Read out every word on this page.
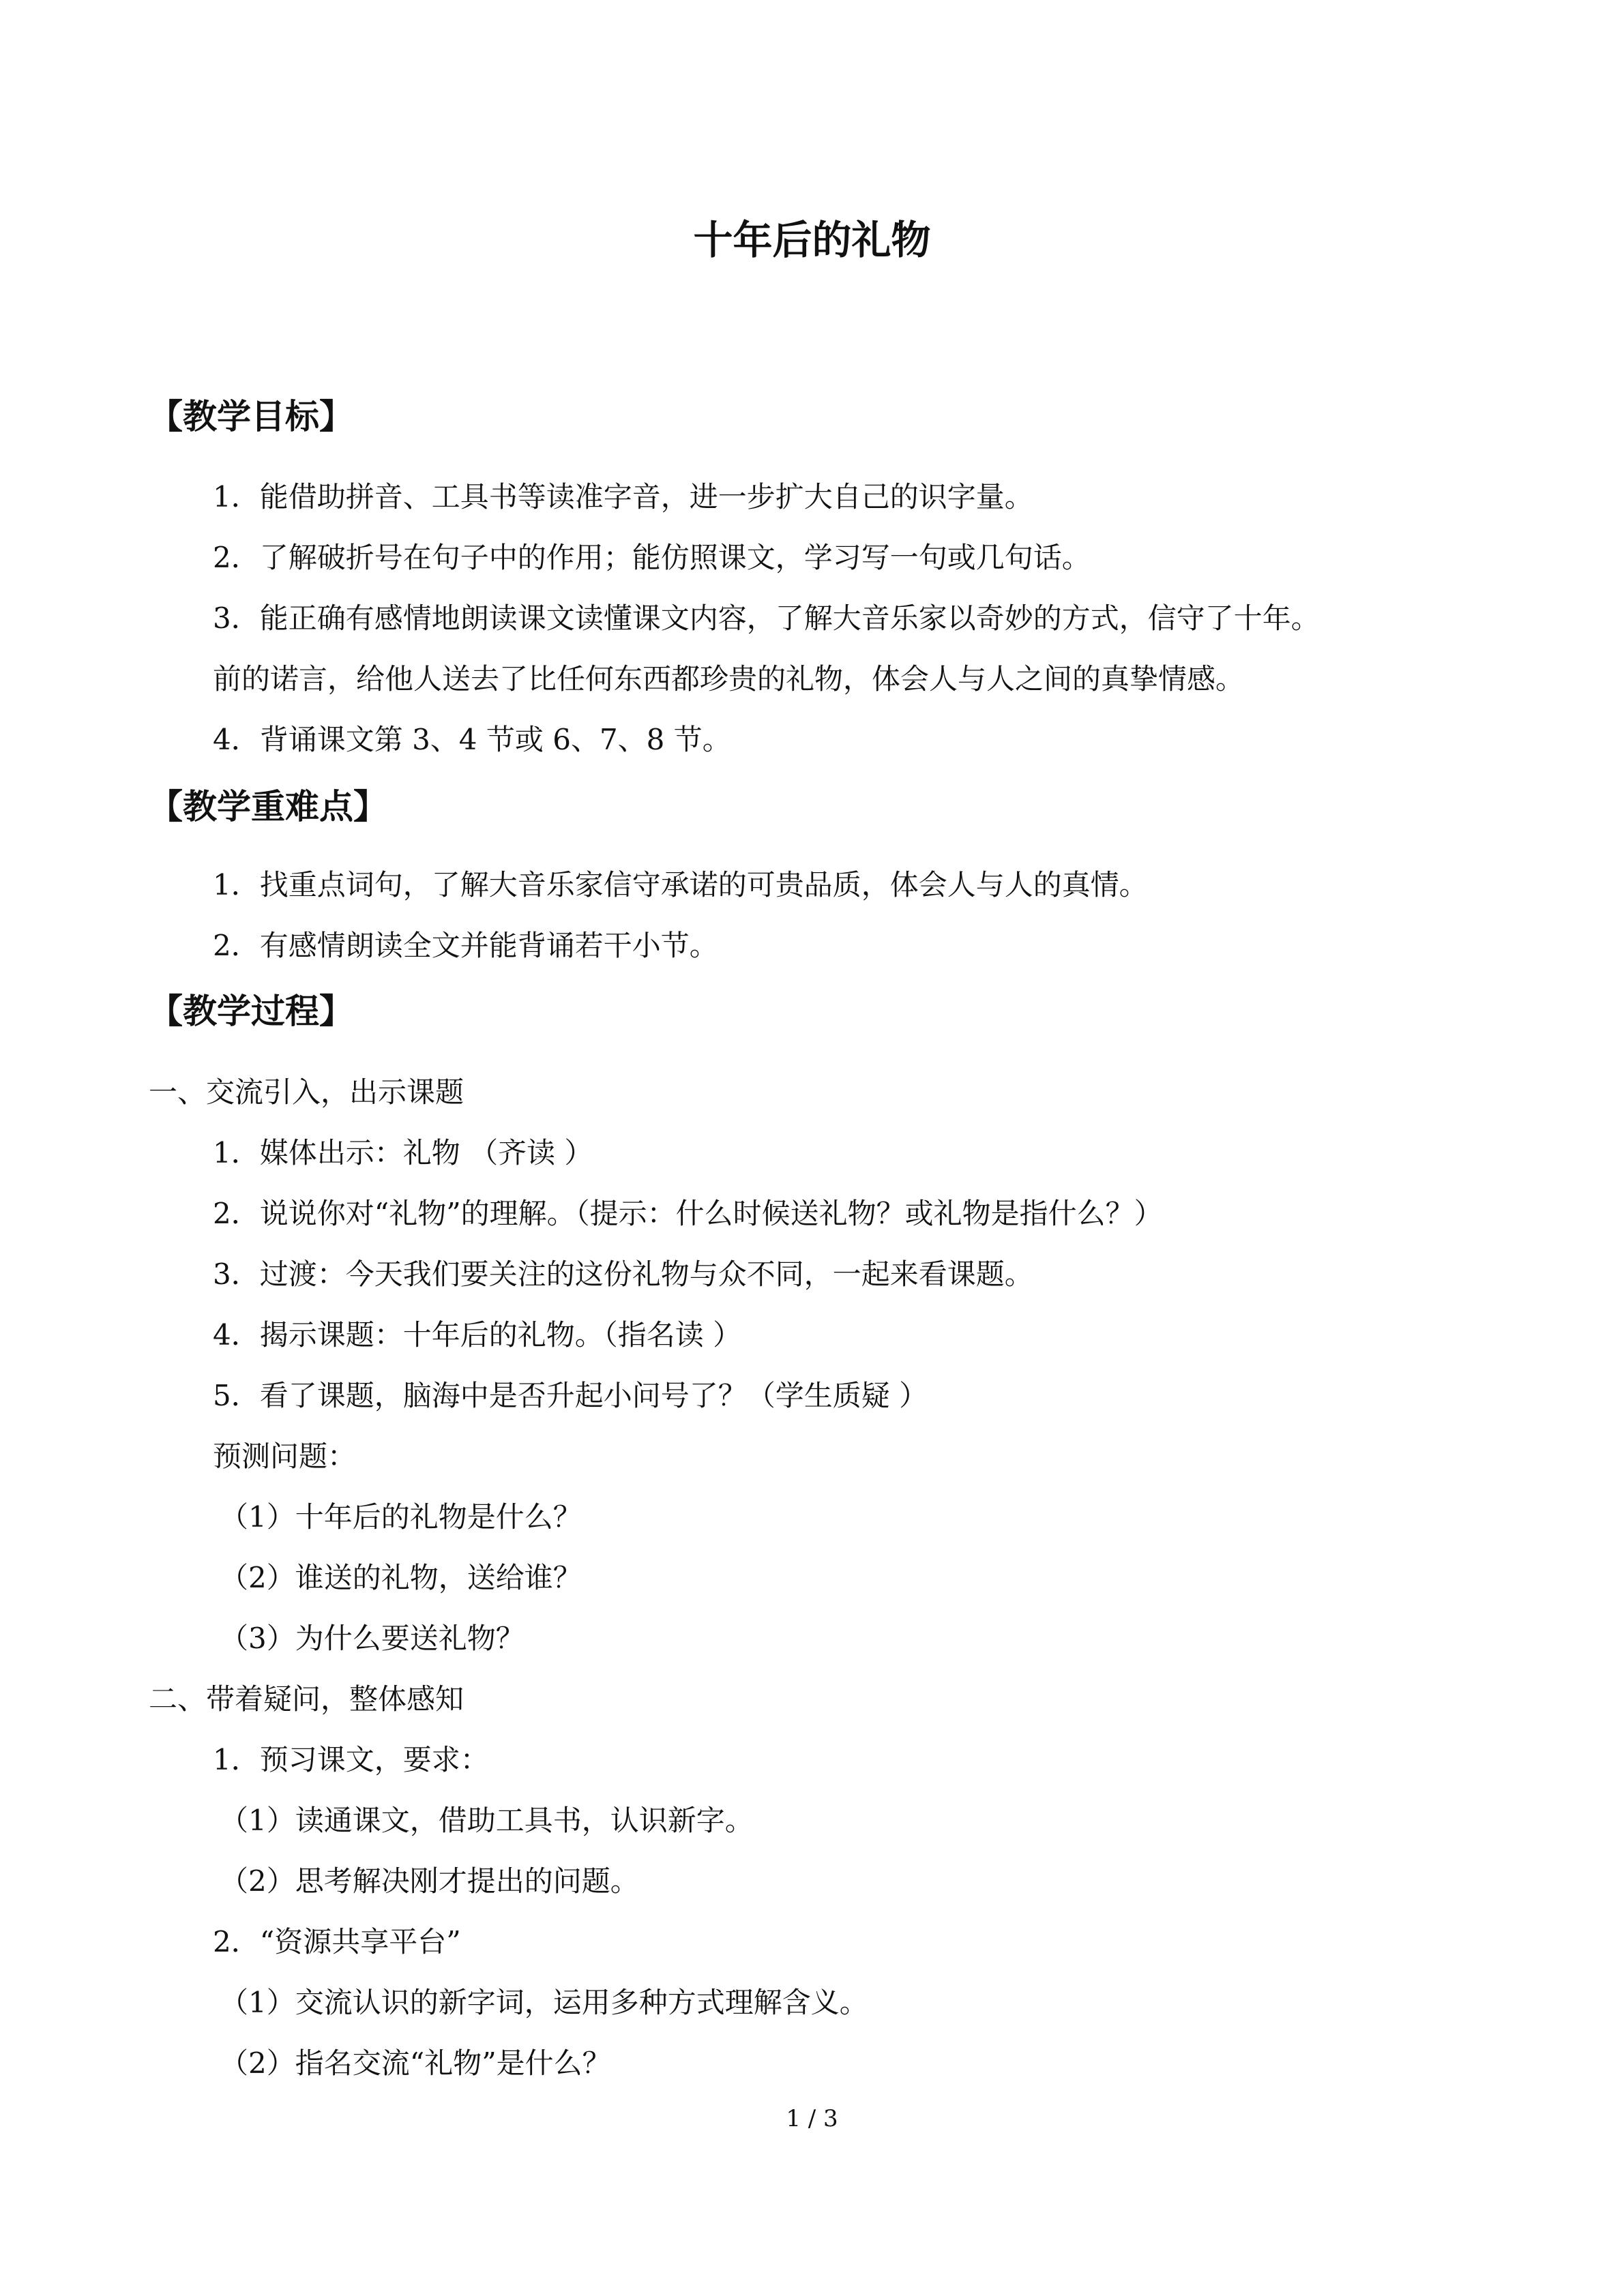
十年后的礼物
【教学目标】

1．能借助拼音、工具书等读准字音，进一步扩大自己的识字量。

2．了解破折号在句子中的作用；能仿照课文，学习写一句或几句话。

3．能正确有感情地朗读课文读懂课文内容，了解大音乐家以奇妙的方式，信守了十年。

前的诺言，给他人送去了比任何东西都珍贵的礼物，体会人与人之间的真挚情感。

4．背诵课文第 3、4 节或 6、7、8 节。

【教学重难点】

1．找重点词句，了解大音乐家信守承诺的可贵品质，体会人与人的真情。

2．有感情朗读全文并能背诵若干小节。

【教学过程】

一、交流引入，出示课题

1．媒体出示：礼物 （齐读 ）

2．说说你对“礼物”的理解。（提示：什么时候送礼物？或礼物是指什么？）

3．过渡：今天我们要关注的这份礼物与众不同，一起来看课题。

4．揭示课题：十年后的礼物。（指名读 ）

5．看了课题，脑海中是否升起小问号了？（学生质疑 ）

预测问题：

（1）十年后的礼物是什么？

（2）谁送的礼物，送给谁？

（3）为什么要送礼物？

二、带着疑问，整体感知

1．预习课文，要求：

（1）读通课文，借助工具书，认识新字。

（2）思考解决刚才提出的问题。

2．“资源共享平台”

（1）交流认识的新字词，运用多种方式理解含义。

（2）指名交流“礼物”是什么？

1 / 3
